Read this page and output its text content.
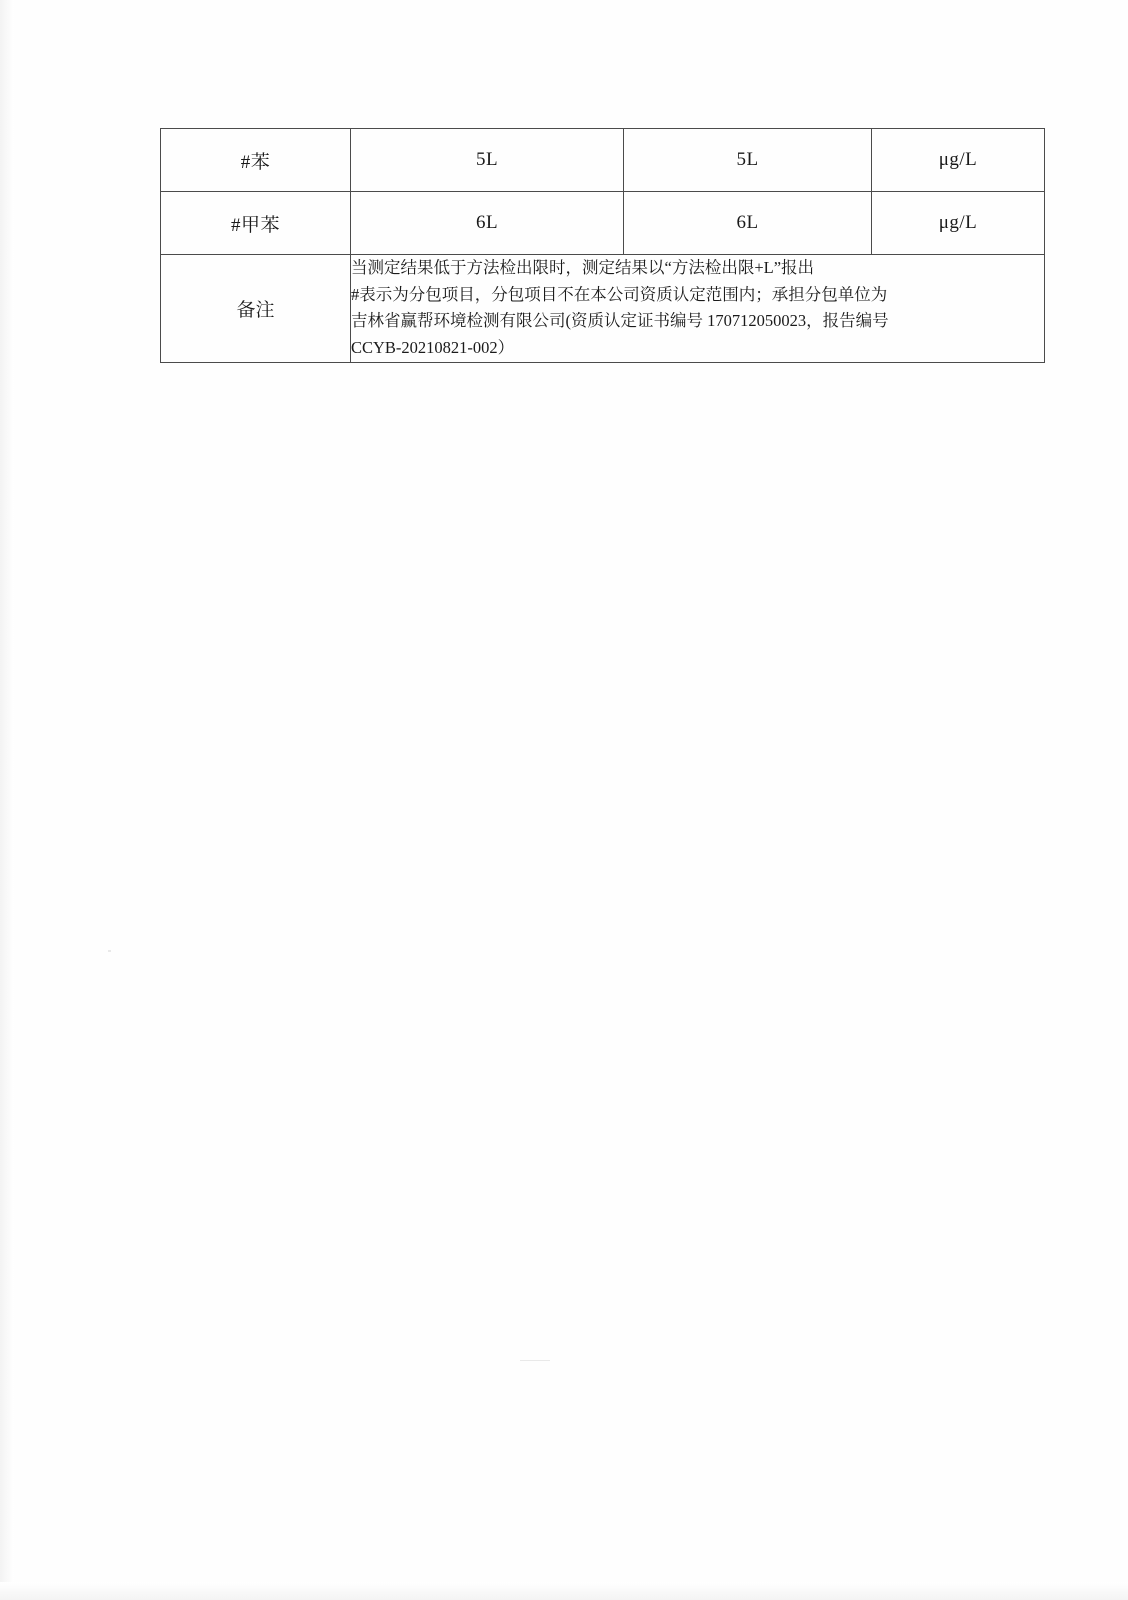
#苯	5L	5L	μg/L
#甲苯	6L	6L	μg/L
备注	当测定结果低于方法检出限时，测定结果以“方法检出限+L”报出

#表示为分包项目，分包项目不在本公司资质认定范围内；承担分包单位为

吉林省赢帮环境检测有限公司(资质认定证书编号 170712050023，报告编号

CCYB-20210821-002）		
